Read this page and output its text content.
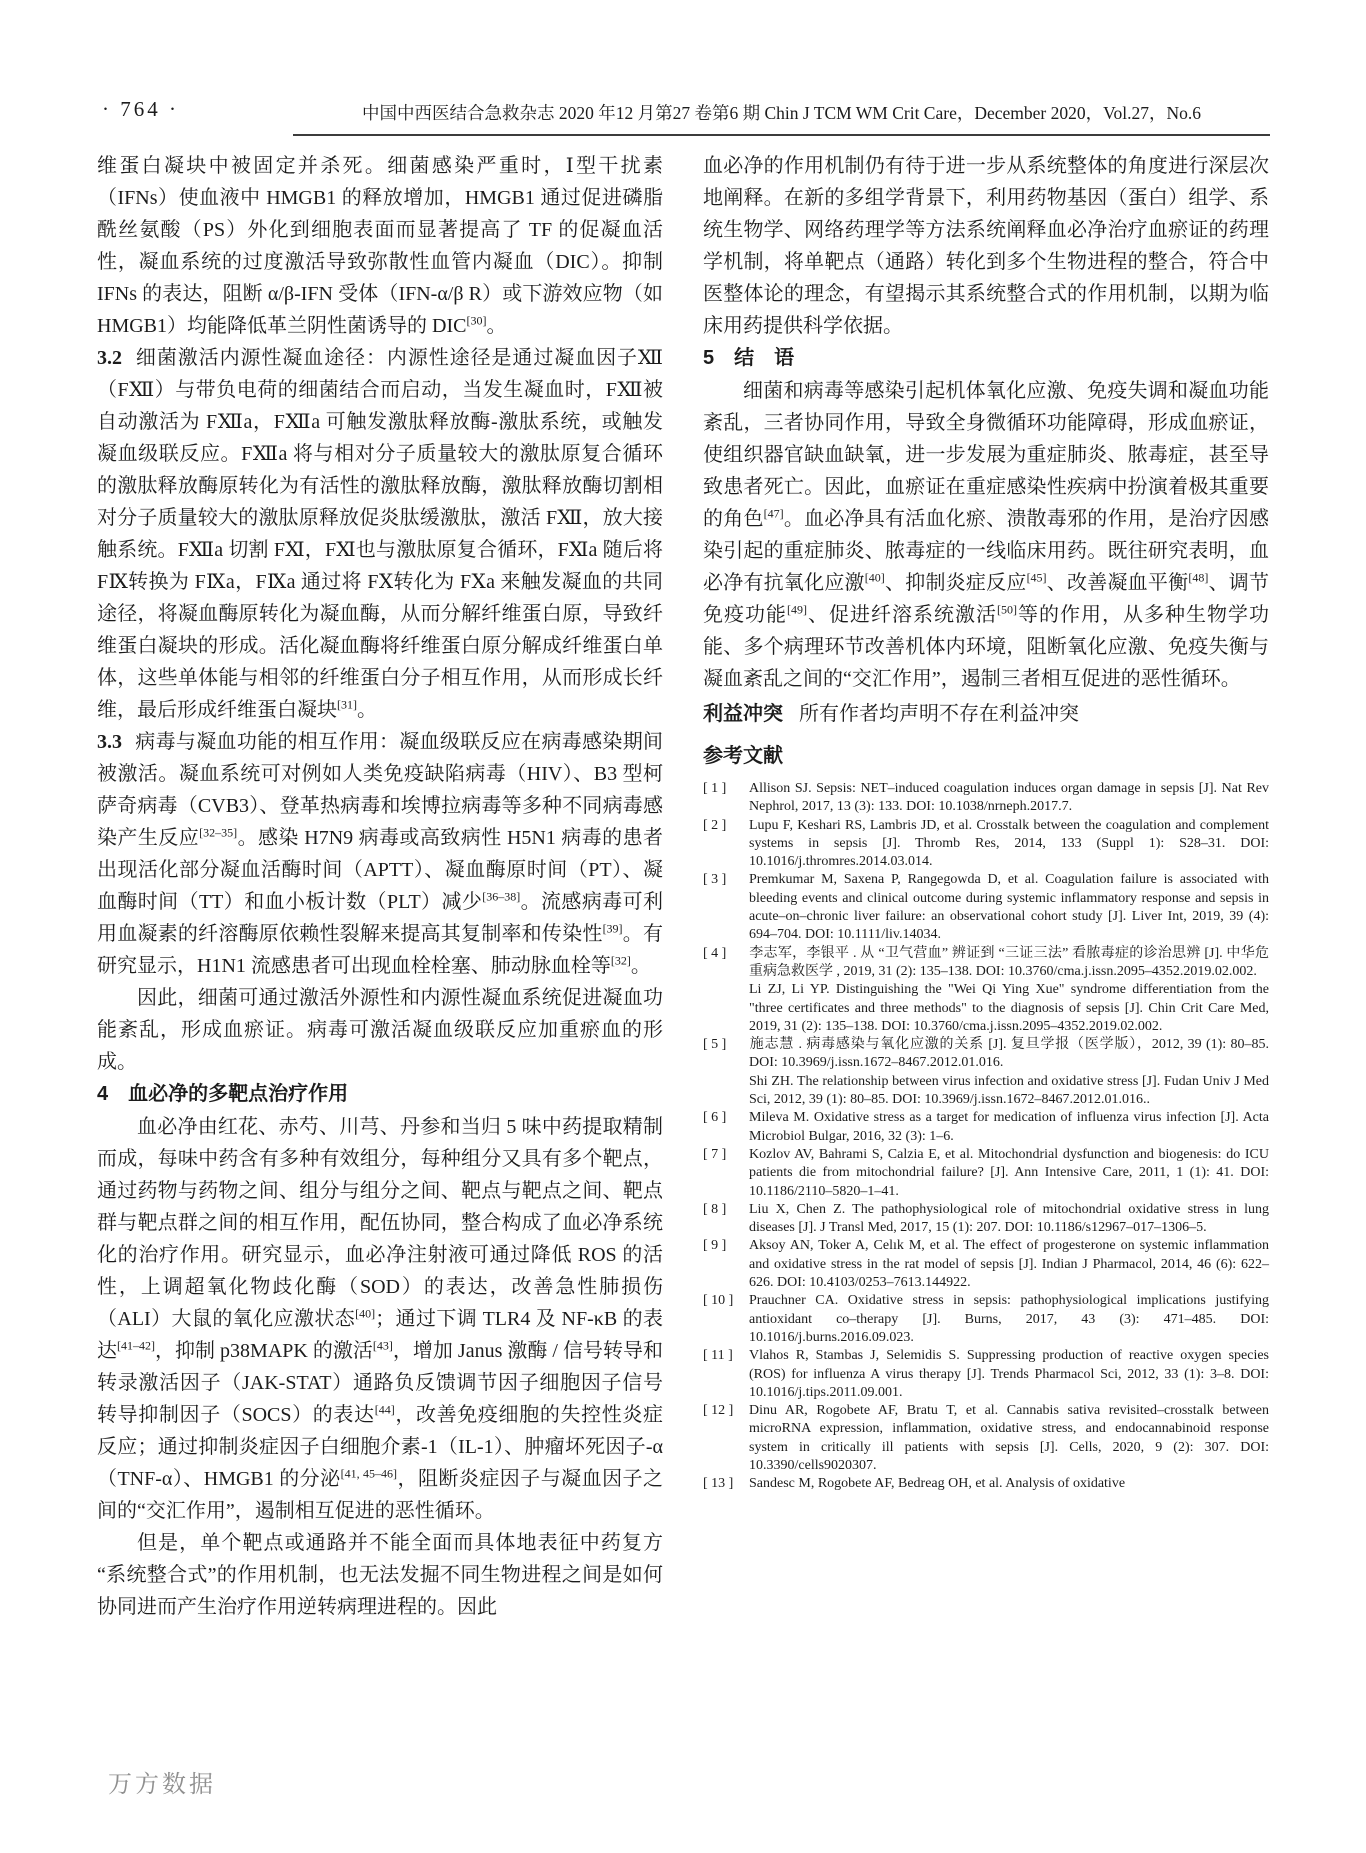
· 764 ·	中国中西医结合急救杂志 2020 年12 月第27 卷第6 期 Chin J TCM WM Crit Care，December 2020，Vol.27，No.6
维蛋白凝块中被固定并杀死。细菌感染严重时，Ⅰ型干扰素（IFNs）使血液中 HMGB1 的释放增加，HMGB1 通过促进磷脂酰丝氨酸（PS）外化到细胞表面而显著提高了 TF 的促凝血活性，凝血系统的过度激活导致弥散性血管内凝血（DIC）。抑制 IFNs 的表达，阻断 α/β-IFN 受体（IFN-α/β R）或下游效应物（如 HMGB1）均能降低革兰阴性菌诱导的 DIC[30]。
3.2 细菌激活内源性凝血途径：内源性途径是通过凝血因子Ⅻ（FⅫ）与带负电荷的细菌结合而启动，当发生凝血时，FⅫ被自动激活为 FⅫa，FⅫa 可触发激肽释放酶-激肽系统，或触发凝血级联反应。FⅫa 将与相对分子质量较大的激肽原复合循环的激肽释放酶原转化为有活性的激肽释放酶，激肽释放酶切割相对分子质量较大的激肽原释放促炎肽缓激肽，激活 FⅫ，放大接触系统。FⅫa 切割 FⅪ，FⅪ也与激肽原复合循环，FⅪa 随后将 FⅨ转换为 FⅨa，FⅨa 通过将 FⅩ转化为 FⅩa 来触发凝血的共同途径，将凝血酶原转化为凝血酶，从而分解纤维蛋白原，导致纤维蛋白凝块的形成。活化凝血酶将纤维蛋白原分解成纤维蛋白单体，这些单体能与相邻的纤维蛋白分子相互作用，从而形成长纤维，最后形成纤维蛋白凝块[31]。
3.3 病毒与凝血功能的相互作用：凝血级联反应在病毒感染期间被激活。凝血系统可对例如人类免疫缺陷病毒（HIV）、B3 型柯萨奇病毒（CVB3）、登革热病毒和埃博拉病毒等多种不同病毒感染产生反应[32–35]。感染 H7N9 病毒或高致病性 H5N1 病毒的患者出现活化部分凝血活酶时间（APTT）、凝血酶原时间（PT）、凝血酶时间（TT）和血小板计数（PLT）减少[36–38]。流感病毒可利用血凝素的纤溶酶原依赖性裂解来提高其复制率和传染性[39]。有研究显示，H1N1 流感患者可出现血栓栓塞、肺动脉血栓等[32]。
因此，细菌可通过激活外源性和内源性凝血系统促进凝血功能紊乱，形成血瘀证。病毒可激活凝血级联反应加重瘀血的形成。
4　血必净的多靶点治疗作用
血必净由红花、赤芍、川芎、丹参和当归 5 味中药提取精制而成，每味中药含有多种有效组分，每种组分又具有多个靶点，通过药物与药物之间、组分与组分之间、靶点与靶点之间、靶点群与靶点群之间的相互作用，配伍协同，整合构成了血必净系统化的治疗作用。研究显示，血必净注射液可通过降低 ROS 的活性，上调超氧化物歧化酶（SOD）的表达，改善急性肺损伤（ALI）大鼠的氧化应激状态[40]；通过下调 TLR4 及 NF-κB 的表达[41–42]，抑制 p38MAPK 的激活[43]，增加 Janus 激酶 / 信号转导和转录激活因子（JAK-STAT）通路负反馈调节因子细胞因子信号转导抑制因子（SOCS）的表达[44]，改善免疫细胞的失控性炎症反应；通过抑制炎症因子白细胞介素-1（IL-1）、肿瘤坏死因子-α（TNF-α）、HMGB1 的分泌[41, 45–46]，阻断炎症因子与凝血因子之间的“交汇作用”，遏制相互促进的恶性循环。
但是，单个靶点或通路并不能全面而具体地表征中药复方“系统整合式”的作用机制，也无法发掘不同生物进程之间是如何协同进而产生治疗作用逆转病理进程的。因此
血必净的作用机制仍有待于进一步从系统整体的角度进行深层次地阐释。在新的多组学背景下，利用药物基因（蛋白）组学、系统生物学、网络药理学等方法系统阐释血必净治疗血瘀证的药理学机制，将单靶点（通路）转化到多个生物进程的整合，符合中医整体论的理念，有望揭示其系统整合式的作用机制，以期为临床用药提供科学依据。
5　结　语
细菌和病毒等感染引起机体氧化应激、免疫失调和凝血功能紊乱，三者协同作用，导致全身微循环功能障碍，形成血瘀证，使组织器官缺血缺氧，进一步发展为重症肺炎、脓毒症，甚至导致患者死亡。因此，血瘀证在重症感染性疾病中扮演着极其重要的角色[47]。血必净具有活血化瘀、溃散毒邪的作用，是治疗因感染引起的重症肺炎、脓毒症的一线临床用药。既往研究表明，血必净有抗氧化应激[40]、抑制炎症反应[45]、改善凝血平衡[48]、调节免疫功能[49]、促进纤溶系统激活[50]等的作用，从多种生物学功能、多个病理环节改善机体内环境，阻断氧化应激、免疫失衡与凝血紊乱之间的“交汇作用”，遏制三者相互促进的恶性循环。
利益冲突 所有作者均声明不存在利益冲突
参考文献
[ 1 ] Allison SJ. Sepsis: NET–induced coagulation induces organ damage in sepsis [J]. Nat Rev Nephrol, 2017, 13 (3): 133. DOI: 10.1038/nrneph.2017.7.
[ 2 ] Lupu F, Keshari RS, Lambris JD, et al. Crosstalk between the coagulation and complement systems in sepsis [J]. Thromb Res, 2014, 133 (Suppl 1): S28–31. DOI: 10.1016/j.thromres.2014.03.014.
[ 3 ] Premkumar M, Saxena P, Rangegowda D, et al. Coagulation failure is associated with bleeding events and clinical outcome during systemic inflammatory response and sepsis in acute–on–chronic liver failure: an observational cohort study [J]. Liver Int, 2019, 39 (4): 694–704. DOI: 10.1111/liv.14034.
[ 4 ] 李志军，李银平 . 从 “卫气营血” 辨证到 “三证三法” 看脓毒症的诊治思辨 [J]. 中华危重病急救医学 , 2019, 31 (2): 135–138. DOI: 10.3760/cma.j.issn.2095–4352.2019.02.002.
Li ZJ, Li YP. Distinguishing the "Wei Qi Ying Xue" syndrome differentiation from the "three certificates and three methods" to the diagnosis of sepsis [J]. Chin Crit Care Med, 2019, 31 (2): 135–138. DOI: 10.3760/cma.j.issn.2095–4352.2019.02.002.
[ 5 ] 施志慧 . 病毒感染与氧化应激的关系 [J]. 复旦学报（医学版），2012, 39 (1): 80–85. DOI: 10.3969/j.issn.1672–8467.2012.01.016.
Shi ZH. The relationship between virus infection and oxidative stress [J]. Fudan Univ J Med Sci, 2012, 39 (1): 80–85. DOI: 10.3969/j.issn.1672–8467.2012.01.016..
[ 6 ] Mileva M. Oxidative stress as a target for medication of influenza virus infection [J]. Acta Microbiol Bulgar, 2016, 32 (3): 1–6.
[ 7 ] Kozlov AV, Bahrami S, Calzia E, et al. Mitochondrial dysfunction and biogenesis: do ICU patients die from mitochondrial failure? [J]. Ann Intensive Care, 2011, 1 (1): 41. DOI: 10.1186/2110–5820–1–41.
[ 8 ] Liu X, Chen Z. The pathophysiological role of mitochondrial oxidative stress in lung diseases [J]. J Transl Med, 2017, 15 (1): 207. DOI: 10.1186/s12967–017–1306–5.
[ 9 ] Aksoy AN, Toker A, Celık M, et al. The effect of progesterone on systemic inflammation and oxidative stress in the rat model of sepsis [J]. Indian J Pharmacol, 2014, 46 (6): 622–626. DOI: 10.4103/0253–7613.144922.
[ 10 ] Prauchner CA. Oxidative stress in sepsis: pathophysiological implications justifying antioxidant co–therapy [J]. Burns, 2017, 43 (3): 471–485. DOI: 10.1016/j.burns.2016.09.023.
[ 11 ] Vlahos R, Stambas J, Selemidis S. Suppressing production of reactive oxygen species (ROS) for influenza A virus therapy [J]. Trends Pharmacol Sci, 2012, 33 (1): 3–8. DOI: 10.1016/j.tips.2011.09.001.
[ 12 ] Dinu AR, Rogobete AF, Bratu T, et al. Cannabis sativa revisited–crosstalk between microRNA expression, inflammation, oxidative stress, and endocannabinoid response system in critically ill patients with sepsis [J]. Cells, 2020, 9 (2): 307. DOI: 10.3390/cells9020307.
[ 13 ] Sandesc M, Rogobete AF, Bedreag OH, et al. Analysis of oxidative
万方数据
